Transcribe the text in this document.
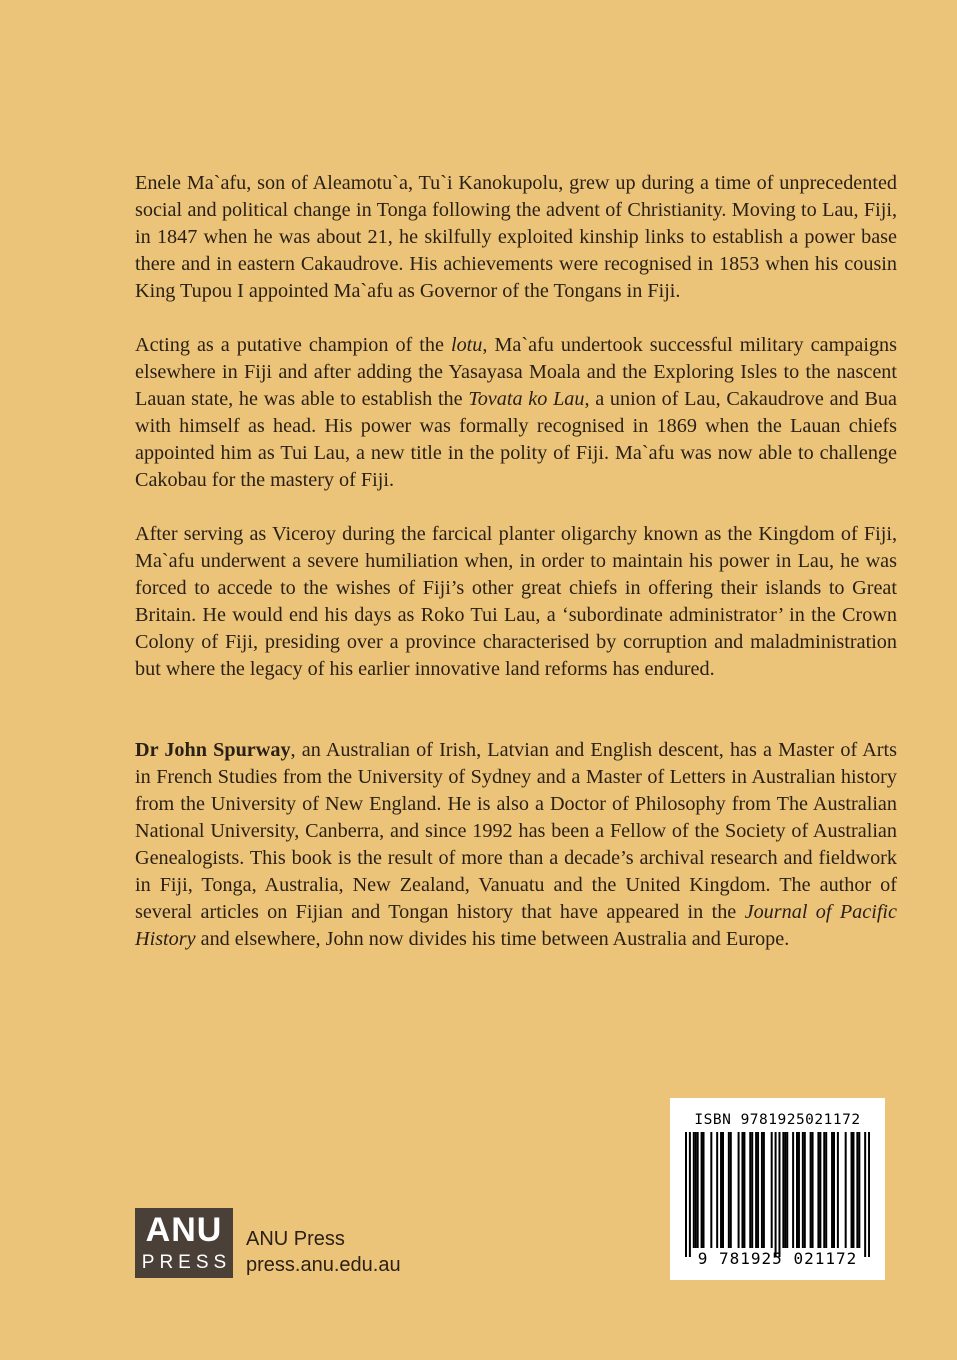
Enele Ma`afu, son of Aleamotu`a, Tu`i Kanokupolu, grew up during a time of unprecedented social and political change in Tonga following the advent of Christianity. Moving to Lau, Fiji, in 1847 when he was about 21, he skilfully exploited kinship links to establish a power base there and in eastern Cakaudrove. His achievements were recognised in 1853 when his cousin King Tupou I appointed Ma`afu as Governor of the Tongans in Fiji.

Acting as a putative champion of the lotu, Ma`afu undertook successful military campaigns elsewhere in Fiji and after adding the Yasayasa Moala and the Exploring Isles to the nascent Lauan state, he was able to establish the Tovata ko Lau, a union of Lau, Cakaudrove and Bua with himself as head. His power was formally recognised in 1869 when the Lauan chiefs appointed him as Tui Lau, a new title in the polity of Fiji. Ma`afu was now able to challenge Cakobau for the mastery of Fiji.

After serving as Viceroy during the farcical planter oligarchy known as the Kingdom of Fiji, Ma`afu underwent a severe humiliation when, in order to maintain his power in Lau, he was forced to accede to the wishes of Fiji’s other great chiefs in offering their islands to Great Britain. He would end his days as Roko Tui Lau, a ‘subordinate administrator’ in the Crown Colony of Fiji, presiding over a province characterised by corruption and maladministration but where the legacy of his earlier innovative land reforms has endured.

Dr John Spurway, an Australian of Irish, Latvian and English descent, has a Master of Arts in French Studies from the University of Sydney and a Master of Letters in Australian history from the University of New England. He is also a Doctor of Philosophy from The Australian National University, Canberra, and since 1992 has been a Fellow of the Society of Australian Genealogists. This book is the result of more than a decade’s archival research and fieldwork in Fiji, Tonga, Australia, New Zealand, Vanuatu and the United Kingdom. The author of several articles on Fijian and Tongan history that have appeared in the Journal of Pacific History and elsewhere, John now divides his time between Australia and Europe.

ANU
PRESS
ANU Press
press.anu.edu.au
ISBN 9781925021172
9 781925 021172
